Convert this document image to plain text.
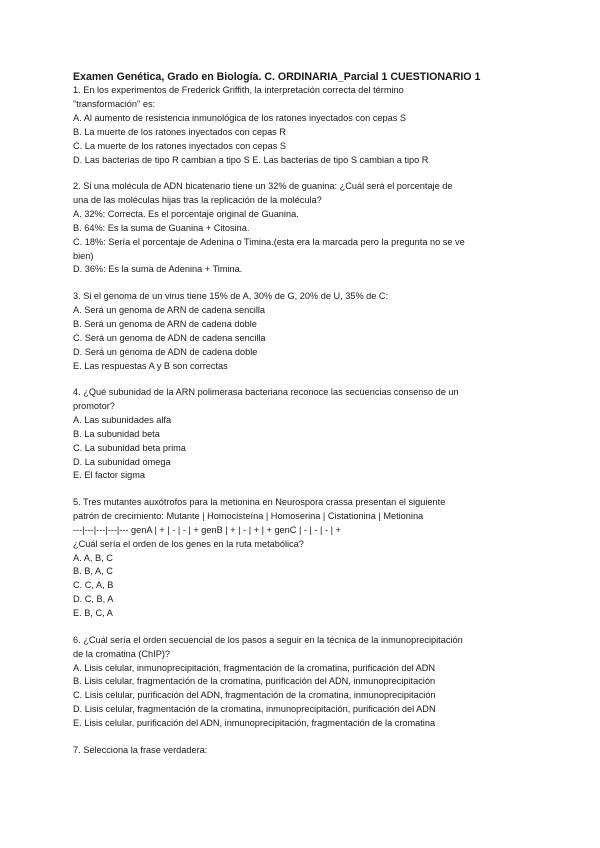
Examen Genética, Grado en Biología. C. ORDINARIA_Parcial 1 CUESTIONARIO 1
1. En los experimentos de Frederick Griffith, la interpretación correcta del término
"transformación" es:
A. Al aumento de resistencia inmunológica de los ratones inyectados con cepas S
B. La muerte de los ratones inyectados con cepas R
C. La muerte de los ratones inyectados con cepas S
D. Las bacterias de tipo R cambian a tipo S E. Las bacterias de tipo S cambian a tipo R
2. Si una molécula de ADN bicatenario tiene un 32% de guanina: ¿Cuál será el porcentaje de
una de las moléculas hijas tras la replicación de la molécula?
A. 32%: Correcta. Es el porcentaje original de Guanina.
B. 64%: Es la suma de Guanina + Citosina.
C. 18%: Sería el porcentaje de Adenina o Timina.(esta era la marcada pero la pregunta no se ve
bien)
D. 36%: Es la suma de Adenina + Timina.
3. Si el genoma de un virus tiene 15% de A, 30% de G, 20% de U, 35% de C:
A. Será un genoma de ARN de cadena sencilla
B. Será un genoma de ARN de cadena doble
C. Será un genoma de ADN de cadena sencilla
D. Será un genoma de ADN de cadena doble
E. Las respuestas A y B son correctas
4. ¿Qué subunidad de la ARN polimerasa bacteriana reconoce las secuencias consenso de un
promotor?
A. Las subunidades alfa
B. La subunidad beta
C. La subunidad beta prima
D. La subunidad omega
E. El factor sigma
5. Tres mutantes auxótrofos para la metionina en Neurospora crassa presentan el siguiente
patrón de crecimiento: Mutante | Homocisteína | Homoserina | Cistationina | Metionina
---|---|---|---|--- genA | + | - | - | + genB | + | - | + | + genC | - | - | - | +
¿Cuál sería el orden de los genes en la ruta metabólica?
A. A, B, C
B. B, A, C
C. C, A, B
D. C, B, A
E. B, C, A
6. ¿Cuál sería el orden secuencial de los pasos a seguir en la técnica de la inmunoprecipitación
de la cromatina (ChIP)?
A. Lisis celular, inmunoprecipitación, fragmentación de la cromatina, purificación del ADN
B. Lisis celular, fragmentación de la cromatina, purificación del ADN, inmunoprecipitación
C. Lisis celular, purificación del ADN, fragmentación de la cromatina, inmunoprecipitación
D. Lisis celular, fragmentación de la cromatina, inmunoprecipitación, purificación del ADN
E. Lisis celular, purificación del ADN, inmunoprecipitación, fragmentación de la cromatina
7. Selecciona la frase verdadera:
